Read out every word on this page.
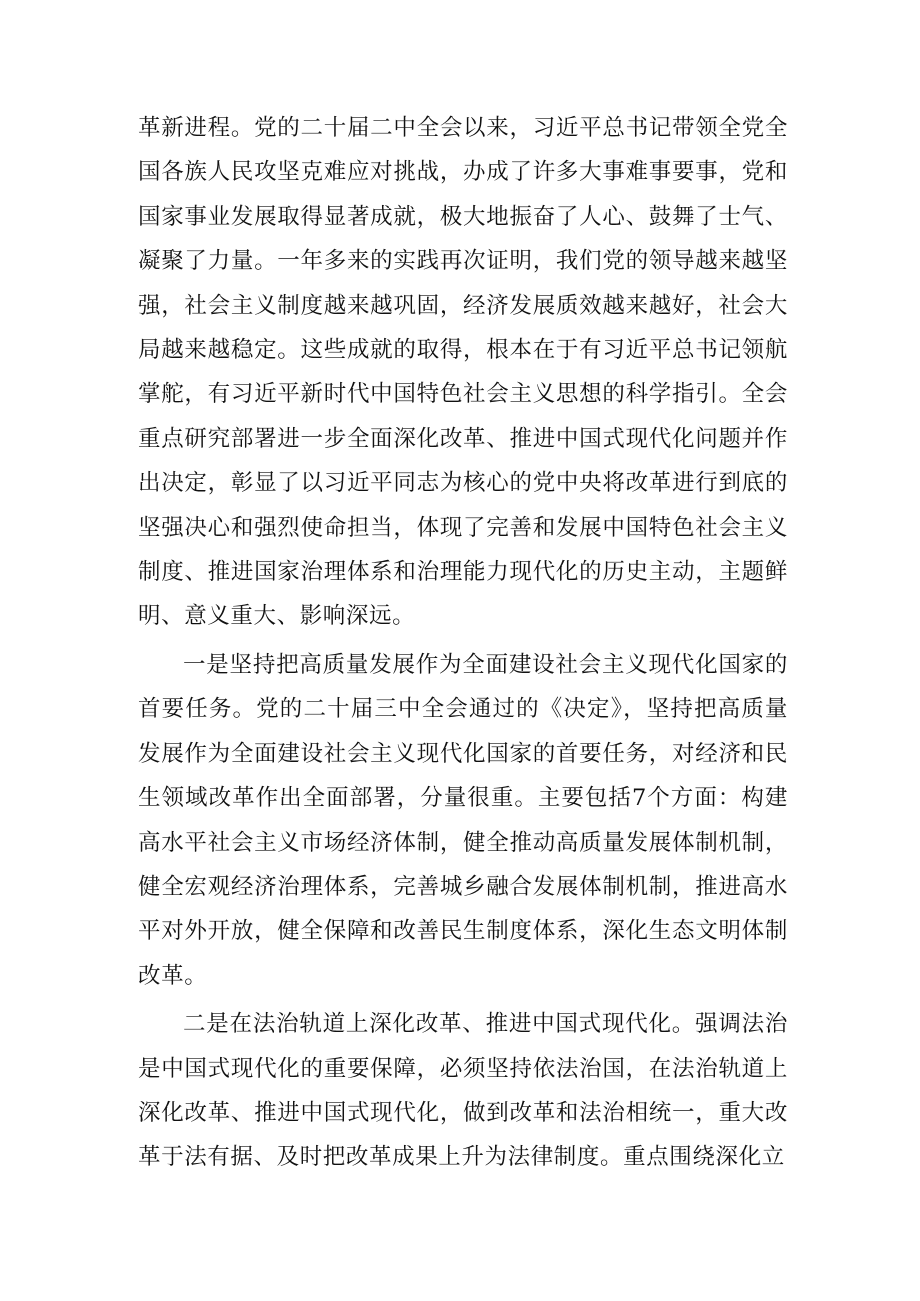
革新进程。党的二十届二中全会以来，习近平总书记带领全党全国各族人民攻坚克难应对挑战，办成了许多大事难事要事，党和国家事业发展取得显著成就，极大地振奋了人心、鼓舞了士气、凝聚了力量。一年多来的实践再次证明，我们党的领导越来越坚强，社会主义制度越来越巩固，经济发展质效越来越好，社会大局越来越稳定。这些成就的取得，根本在于有习近平总书记领航掌舵，有习近平新时代中国特色社会主义思想的科学指引。全会重点研究部署进一步全面深化改革、推进中国式现代化问题并作出决定，彰显了以习近平同志为核心的党中央将改革进行到底的坚强决心和强烈使命担当，体现了完善和发展中国特色社会主义制度、推进国家治理体系和治理能力现代化的历史主动，主题鲜明、意义重大、影响深远。

一是坚持把高质量发展作为全面建设社会主义现代化国家的首要任务。党的二十届三中全会通过的《决定》，坚持把高质量发展作为全面建设社会主义现代化国家的首要任务，对经济和民生领域改革作出全面部署，分量很重。主要包括7个方面：构建高水平社会主义市场经济体制，健全推动高质量发展体制机制，健全宏观经济治理体系，完善城乡融合发展体制机制，推进高水平对外开放，健全保障和改善民生制度体系，深化生态文明体制改革。

二是在法治轨道上深化改革、推进中国式现代化。强调法治是中国式现代化的重要保障，必须坚持依法治国，在法治轨道上深化改革、推进中国式现代化，做到改革和法治相统一，重大改革于法有据、及时把改革成果上升为法律制度。重点围绕深化立
